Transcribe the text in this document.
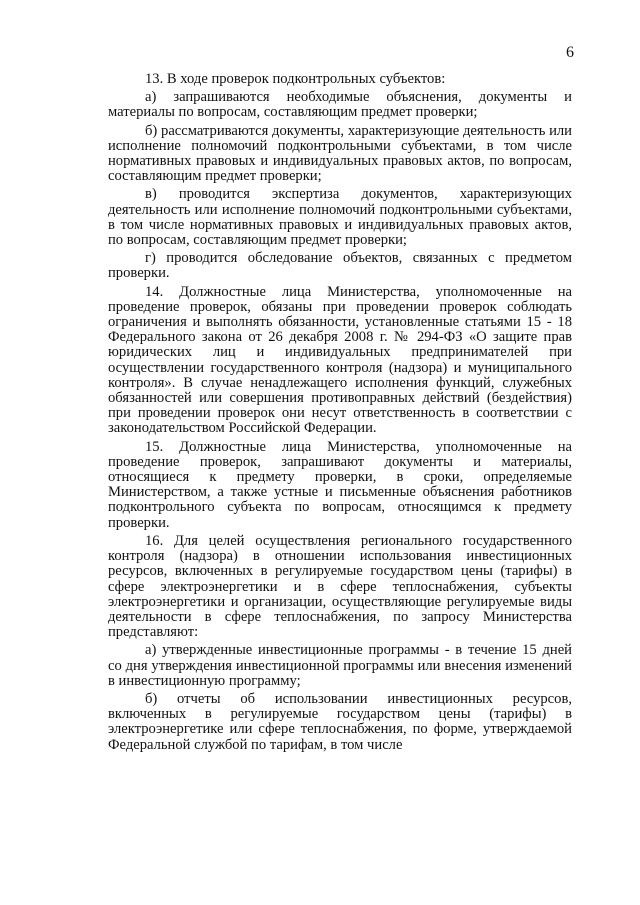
6

13. В ходе проверок подконтрольных субъектов:

а) запрашиваются необходимые объяснения, документы и материалы по вопросам, составляющим предмет проверки;

б) рассматриваются документы, характеризующие деятельность или исполнение полномочий подконтрольными субъектами, в том числе нормативных правовых и индивидуальных правовых актов, по вопросам, составляющим предмет проверки;

в) проводится экспертиза документов, характеризующих деятельность или исполнение полномочий подконтрольными субъектами, в том числе нормативных правовых и индивидуальных правовых актов, по вопросам, составляющим предмет проверки;

г) проводится обследование объектов, связанных с предметом проверки.

14. Должностные лица Министерства, уполномоченные на проведение проверок, обязаны при проведении проверок соблюдать ограничения и выполнять обязанности, установленные статьями 15 - 18 Федерального закона от 26 декабря 2008 г. № 294-ФЗ «О защите прав юридических лиц и индивидуальных предпринимателей при осуществлении государственного контроля (надзора) и муниципального контроля». В случае ненадлежащего исполнения функций, служебных обязанностей или совершения противоправных действий (бездействия) при проведении проверок они несут ответственность в соответствии с законодательством Российской Федерации.

15. Должностные лица Министерства, уполномоченные на проведение проверок, запрашивают документы и материалы, относящиеся к предмету проверки, в сроки, определяемые Министерством, а также устные и письменные объяснения работников подконтрольного субъекта по вопросам, относящимся к предмету проверки.

16. Для целей осуществления регионального государственного контроля (надзора) в отношении использования инвестиционных ресурсов, включенных в регулируемые государством цены (тарифы) в сфере электроэнергетики и в сфере теплоснабжения, субъекты электроэнергетики и организации, осуществляющие регулируемые виды деятельности в сфере теплоснабжения, по запросу Министерства представляют:

а) утвержденные инвестиционные программы - в течение 15 дней со дня утверждения инвестиционной программы или внесения изменений в инвестиционную программу;

б) отчеты об использовании инвестиционных ресурсов, включенных в регулируемые государством цены (тарифы) в электроэнергетике или сфере теплоснабжения, по форме, утверждаемой Федеральной службой по тарифам, в том числе
